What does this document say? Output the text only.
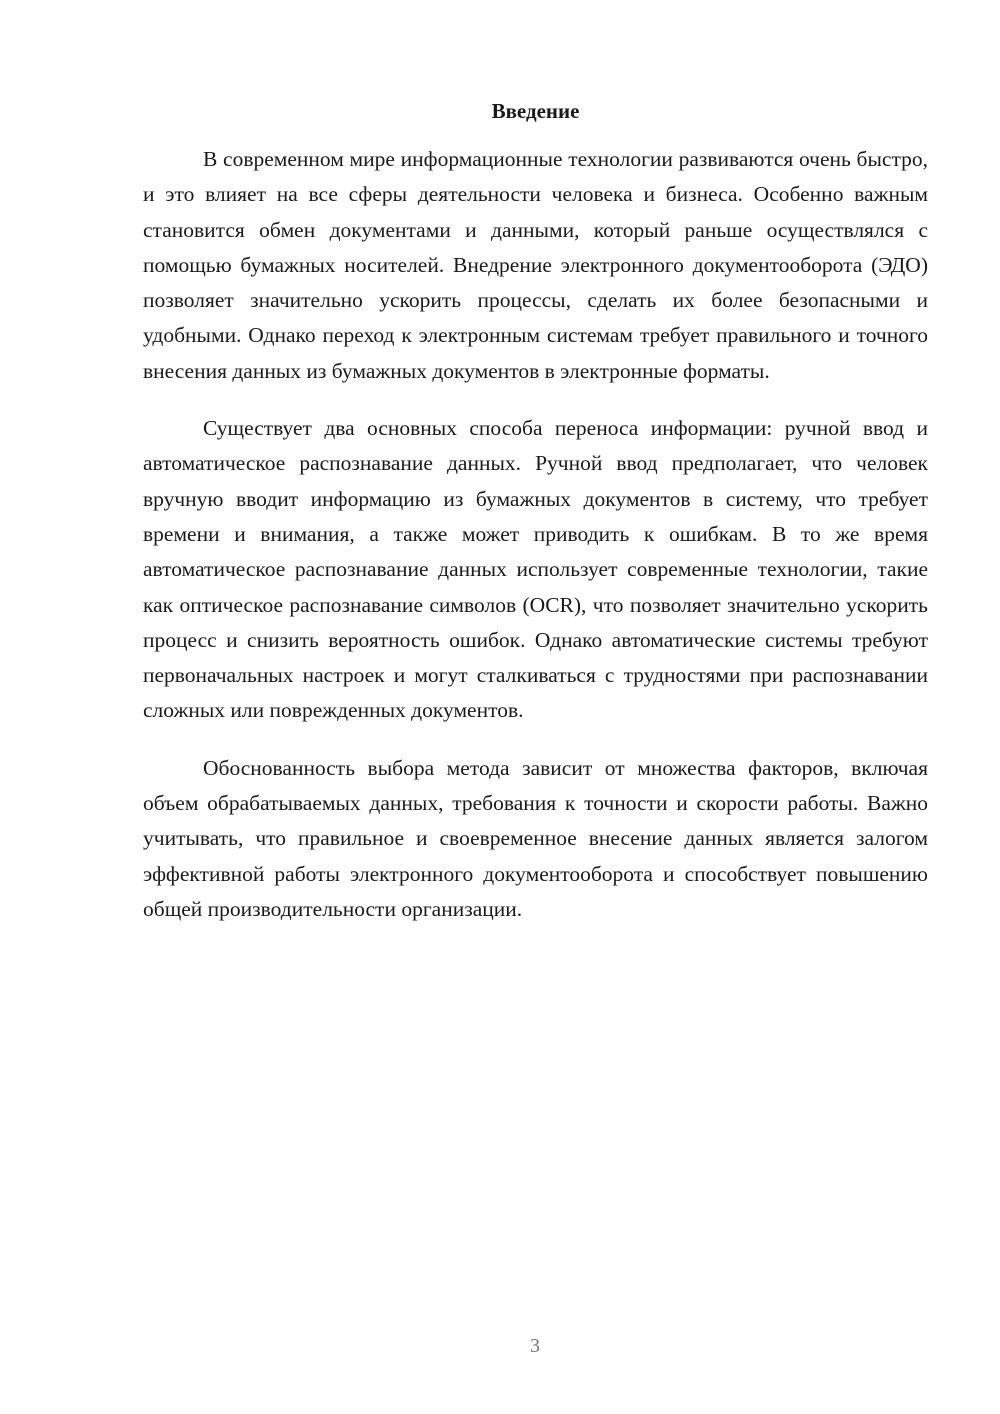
Введение

В современном мире информационные технологии развиваются очень быстро, и это влияет на все сферы деятельности человека и бизнеса. Особенно важным становится обмен документами и данными, который раньше осуществлялся с помощью бумажных носителей. Внедрение электронного документооборота (ЭДО) позволяет значительно ускорить процессы, сделать их более безопасными и удобными. Однако переход к электронным системам требует правильного и точного внесения данных из бумажных документов в электронные форматы.

Существует два основных способа переноса информации: ручной ввод и автоматическое распознавание данных. Ручной ввод предполагает, что человек вручную вводит информацию из бумажных документов в систему, что требует времени и внимания, а также может приводить к ошибкам. В то же время автоматическое распознавание данных использует современные технологии, такие как оптическое распознавание символов (OCR), что позволяет значительно ускорить процесс и снизить вероятность ошибок. Однако автоматические системы требуют первоначальных настроек и могут сталкиваться с трудностями при распознавании сложных или поврежденных документов.

Обоснованность выбора метода зависит от множества факторов, включая объем обрабатываемых данных, требования к точности и скорости работы. Важно учитывать, что правильное и своевременное внесение данных является залогом эффективной работы электронного документооборота и способствует повышению общей производительности организации.

3
